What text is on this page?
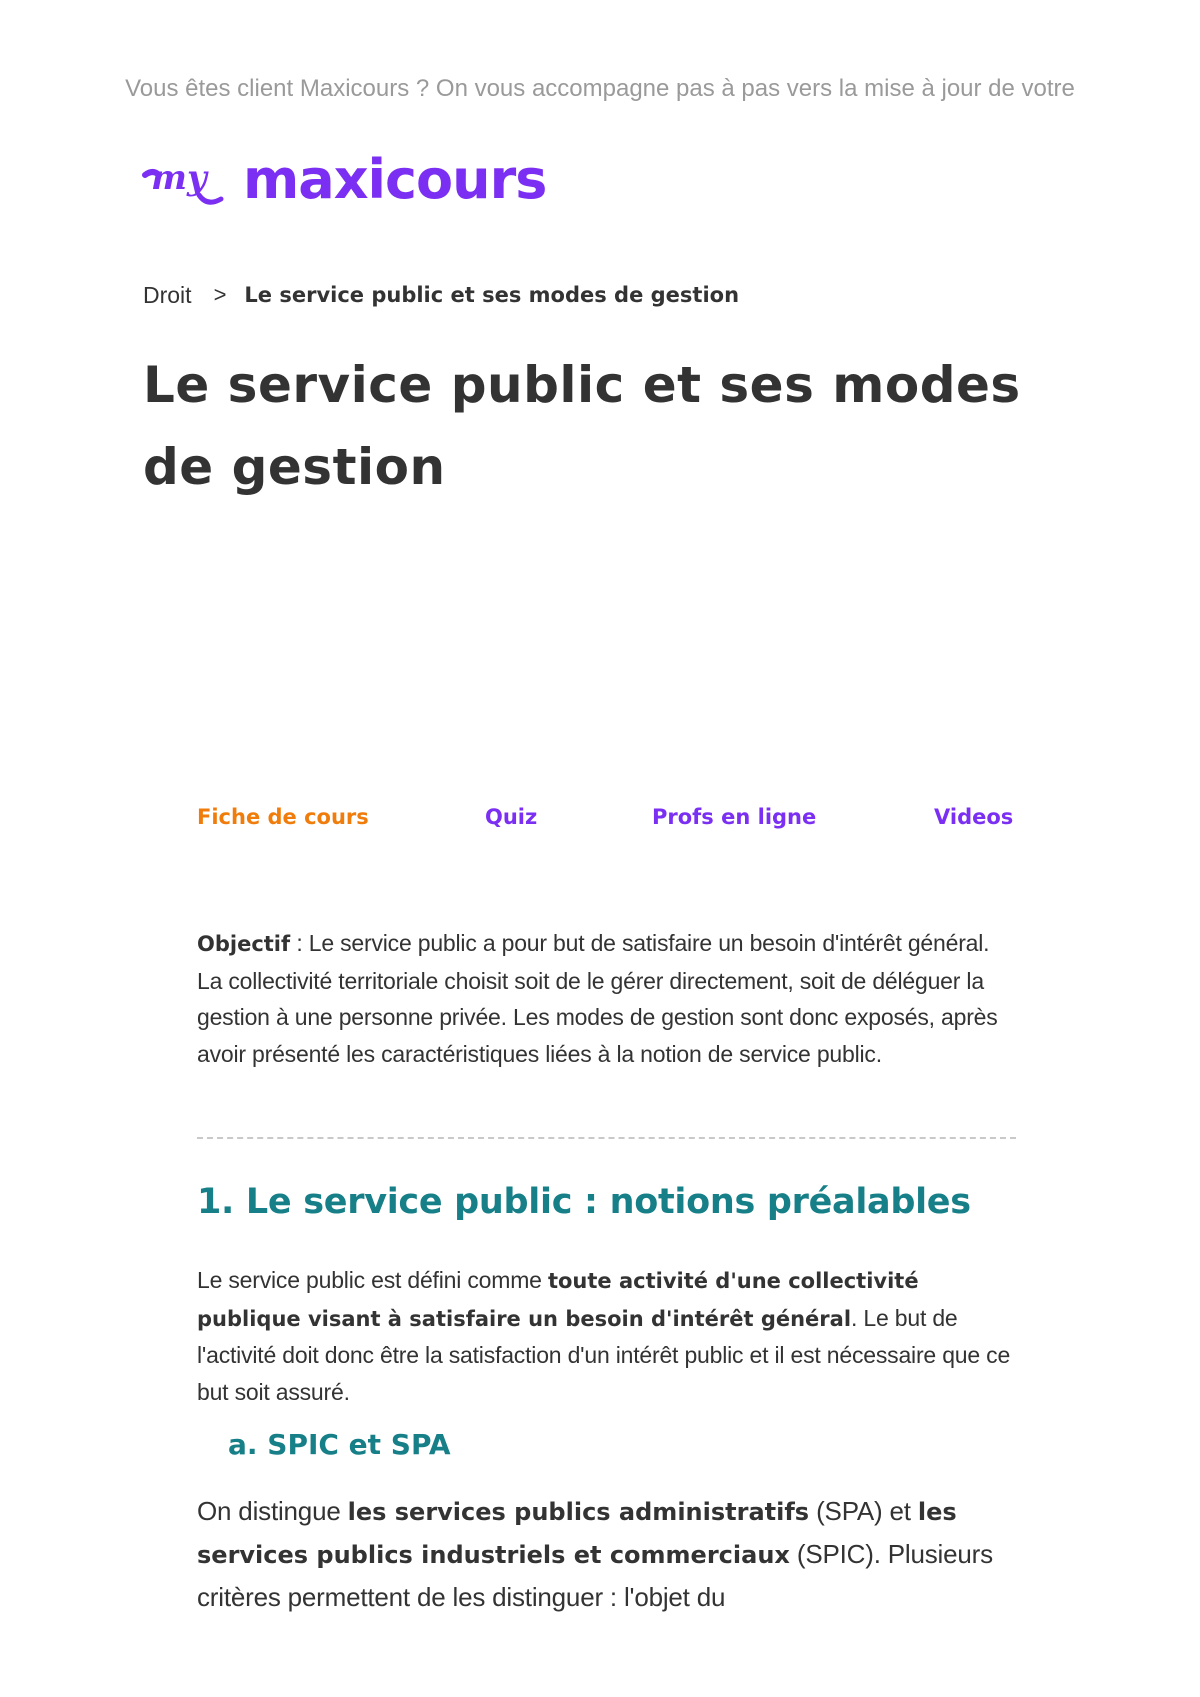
Vous êtes client Maxicours ? On vous accompagne pas à pas vers la mise à jour de votre
my maxicours
Droit > Le service public et ses modes de gestion
Le service public et ses modes de gestion
Fiche de cours	Quiz	Profs en ligne	Videos

Objectif : Le service public a pour but de satisfaire un besoin d'intérêt général. La collectivité territoriale choisit soit de le gérer directement, soit de déléguer la gestion à une personne privée. Les modes de gestion sont donc exposés, après avoir présenté les caractéristiques liées à la notion de service public.

1. Le service public : notions préalables

Le service public est défini comme toute activité d'une collectivité publique visant à satisfaire un besoin d'intérêt général. Le but de l'activité doit donc être la satisfaction d'un intérêt public et il est nécessaire que ce but soit assuré.

a. SPIC et SPA

On distingue les services publics administratifs (SPA) et les services publics industriels et commerciaux (SPIC). Plusieurs critères permettent de les distinguer : l'objet du
